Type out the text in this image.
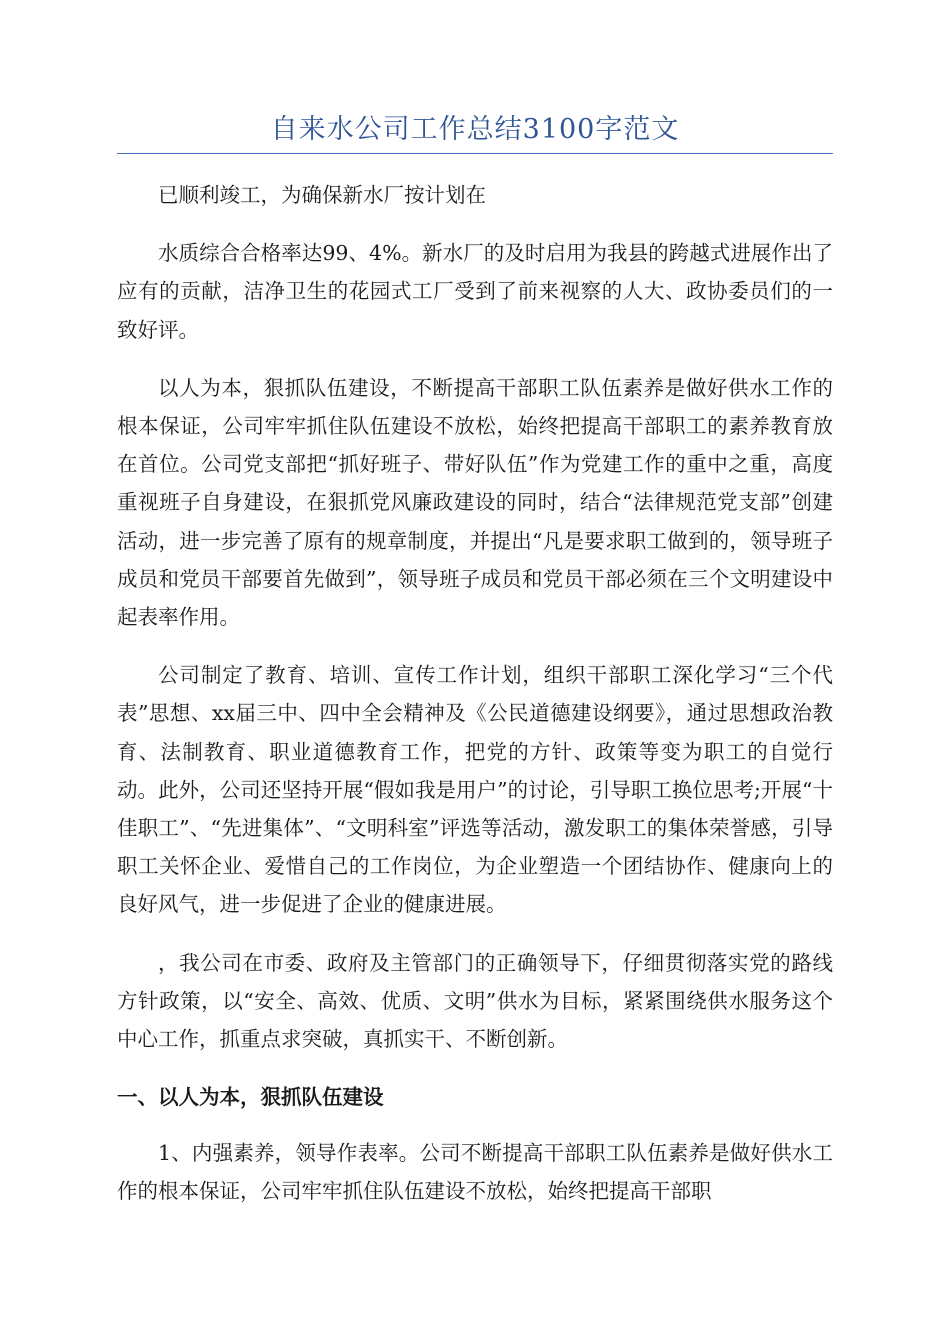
自来水公司工作总结3100字范文

已顺利竣工，为确保新水厂按计划在

水质综合合格率达99、4%。新水厂的及时启用为我县的跨越式进展作出了应有的贡献，洁净卫生的花园式工厂受到了前来视察的人大、政协委员们的一致好评。

以人为本，狠抓队伍建设，不断提高干部职工队伍素养是做好供水工作的根本保证，公司牢牢抓住队伍建设不放松，始终把提高干部职工的素养教育放在首位。公司党支部把“抓好班子、带好队伍”作为党建工作的重中之重，高度重视班子自身建设，在狠抓党风廉政建设的同时，结合“法律规范党支部”创建活动，进一步完善了原有的规章制度，并提出“凡是要求职工做到的，领导班子成员和党员干部要首先做到”，领导班子成员和党员干部必须在三个文明建设中起表率作用。

公司制定了教育、培训、宣传工作计划，组织干部职工深化学习“三个代表”思想、xx届三中、四中全会精神及《公民道德建设纲要》，通过思想政治教育、法制教育、职业道德教育工作，把党的方针、政策等变为职工的自觉行动。此外，公司还坚持开展“假如我是用户”的讨论，引导职工换位思考;开展“十佳职工”、“先进集体”、“文明科室”评选等活动，激发职工的集体荣誉感，引导职工关怀企业、爱惜自己的工作岗位，为企业塑造一个团结协作、健康向上的良好风气，进一步促进了企业的健康进展。

，我公司在市委、政府及主管部门的正确领导下，仔细贯彻落实党的路线方针政策，以“安全、高效、优质、文明”供水为目标，紧紧围绕供水服务这个中心工作，抓重点求突破，真抓实干、不断创新。

一、以人为本，狠抓队伍建设

1、内强素养，领导作表率。公司不断提高干部职工队伍素养是做好供水工作的根本保证，公司牢牢抓住队伍建设不放松，始终把提高干部职
